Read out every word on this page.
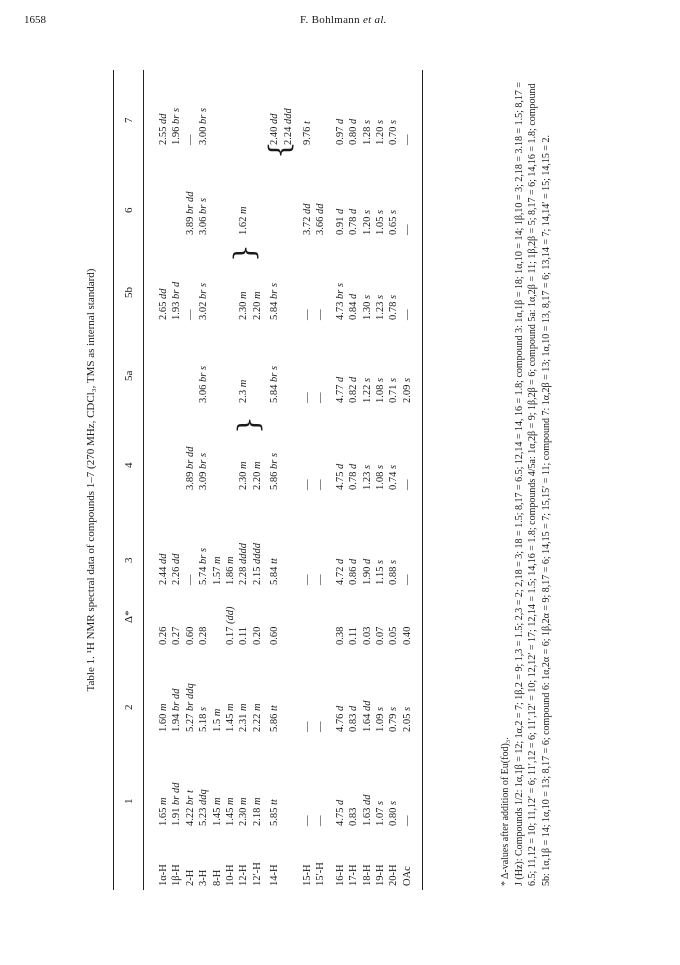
1658	F. Bohlmann et al.
Table 1. ¹H NMR spectral data of compounds 1–7 (270 MHz, CDCl₃, TMS as internal standard)
1
2
Δ*
3
4
5a
5b
6
7
1α-H
1.65 m
1.60 m
0.26
2.44 dd
2.65 dd
2.55 dd
1β-H
1.91 br dd
1.94 br dd
0.27
2.26 dd
1.93 br d
1.96 br s
2-H
4.22 br t
5.27 br ddq
0.60
—
3.89 br dd
—
3.89 br dd
—
3-H
5.23 ddq
5.18 s
0.28
5.74 br s
3.09 br s
3.06 br s
3.02 br s
3.06 br s
3.00 br s
8-H
1.45 m
1.5 m
1.57 m
10-H
1.45 m
1.45 m
0.17 (dd)
1.86 m
12-H
2.30 m
2.31 m
0.11
2.28 dddd
2.30 m
2.3 m
2.30 m
1.62 m
12′-H
2.18 m
2.22 m
0.20
2.15 dddd
2.20 m
2.20 m
14-H
5.85 tt
5.86 tt
0.60
5.84 tt
5.86 br s
5.84 br s
5.84 br s
2.40 dd
2.24 ddd
15-H
—
—
—
—
—
—
3.72 dd
9.76 t
15′-H
—
—
—
—
—
—
3.66 dd
16-H
4.75 d
4.76 d
0.38
4.72 d
4.75 d
4.77 d
4.73 br s
0.91 d
0.97 d
17-H
0.83
0.83 d
0.11
0.86 d
0.78 d
0.82 d
0.84 d
0.78 d
0.80 d
18-H
1.63 dd
1.64 dd
0.03
1.90 d
1.23 s
1.22 s
1.30 s
1.20 s
1.28 s
19-H
1.07 s
1.09 s
0.07
1.15 s
1.08 s
1.08 s
1.23 s
1.05 s
1.20 s
20-H
0.80 s
0.79 s
0.05
0.88 s
0.74 s
0.71 s
0.78 s
0.65 s
0.70 s
OAc
—
2.05 s
0.40
—
—
2.09 s
—
—
—
}
}
{

* Δ-values after addition of Eu(fod)₃. J (Hz): Compounds 1/2: 1α,1β = 12; 1α,2 = 7; 1β,2 = 9; 1,3 = 1.5; 2,3 = 2; 2,18 = 3; 18 = 1.5; 8,17 = 6.5; 12,14 = 14, 16 = 1.8; compound 3: 1α,1β = 18; 1α,10 = 14; 1β,10 = 3; 2,18 = 3.18 = 1.5; 8,17 = 6.5; 11,12 = 10; 11,12′ = 6; 11′,12 = 6; 11′,12′ = 10; 12,12′ = 17; 12,14 = 1.5; 14,16 = 1.8; compounds 4/5a: 1α,2β = 9; 1β,2β = 6; compound 5a: 1α,2β = 11; 1β,2β = 5; 8,17 = 6; 14,16 = 1.8; compound 5b: 1α,1β = 14; 1α,10 = 13; 8,17 = 6; compound 6: 1α,2α = 6; 1β,2α = 9; 8,17 = 6; 14,15 = 7; 15,15′ = 11; compound 7: 1α,2β = 13; 1α,10 = 13, 8,17 = 6; 13,14 = 7; 14,14′ = 15; 14,15 = 2.
